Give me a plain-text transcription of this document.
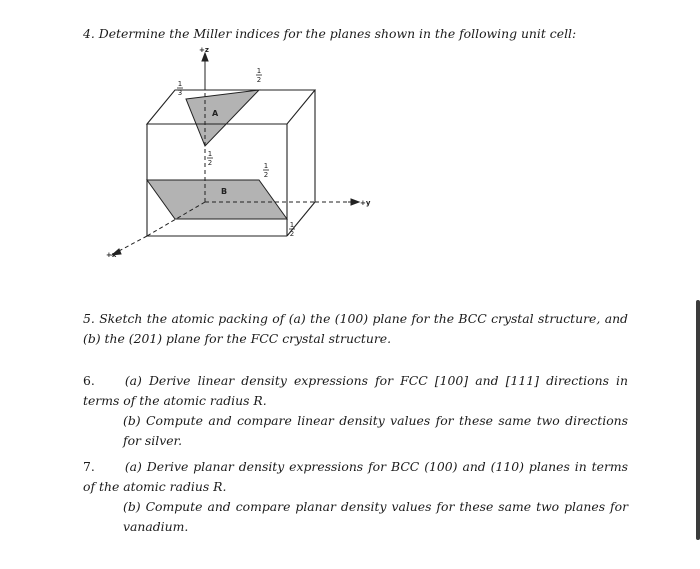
4. Determine the Miller indices for the planes shown in the following unit cell:

+z
+y
+x
A
B
1
3
1
2
1
2	1
2
1
2

5. Sketch the atomic packing of (a) the (100) plane for the BCC crystal structure, and (b) the (201) plane for the FCC crystal structure.

6. (a) Derive linear density expressions for FCC [100] and [111] directions in terms of the atomic radius R.
(b) Compute and compare linear density values for these same two directions for silver.
7. (a) Derive planar density expressions for BCC (100) and (110) planes in terms of the atomic radius R.
(b) Compute and compare planar density values for these same two planes for vanadium.
